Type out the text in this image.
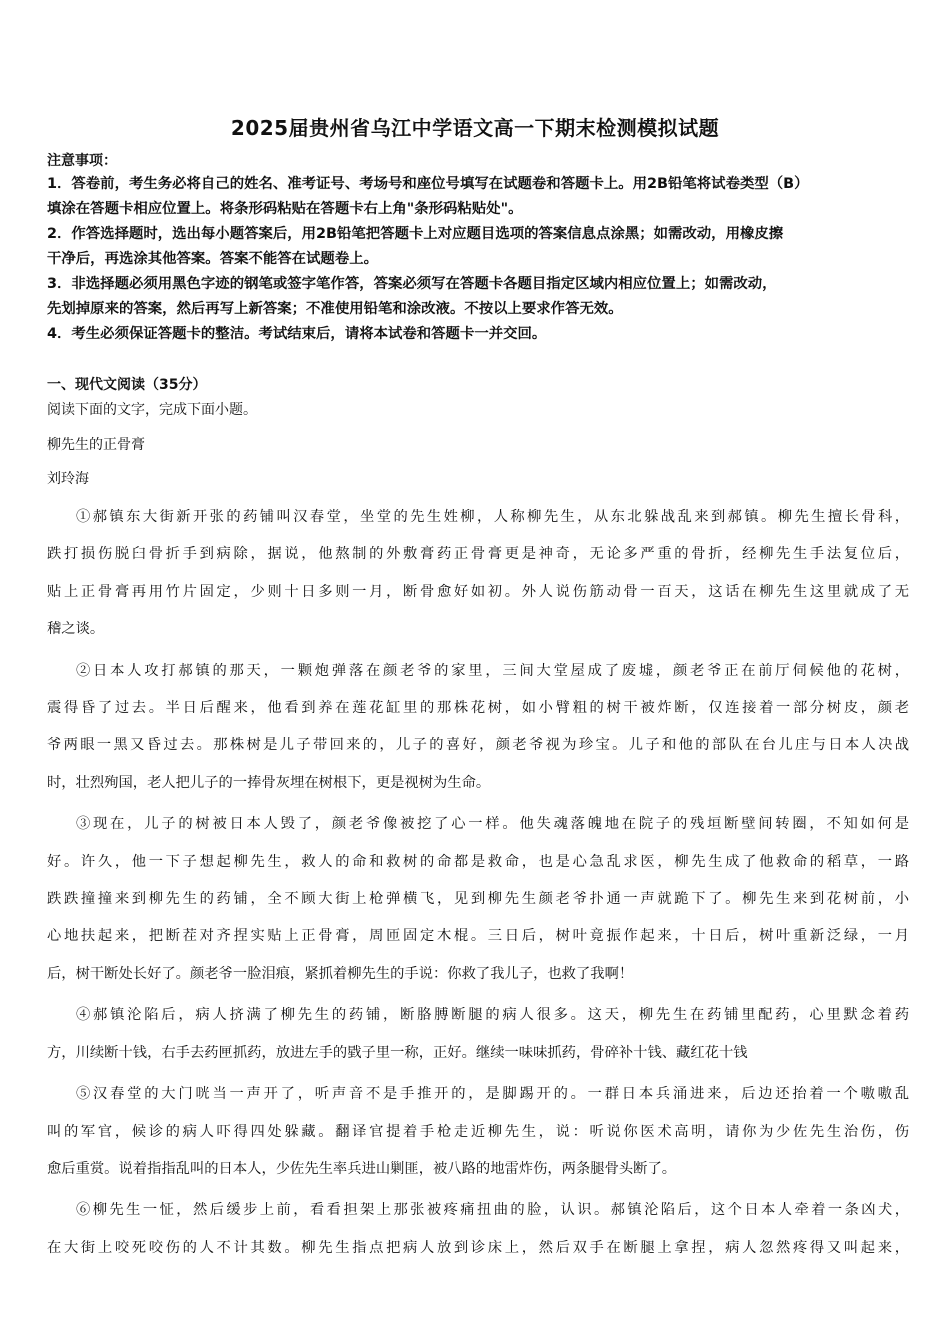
2025届贵州省乌江中学语文高一下期末检测模拟试题
注意事项：
1．答卷前，考生务必将自己的姓名、准考证号、考场号和座位号填写在试题卷和答题卡上。用2B铅笔将试卷类型（B）
填涂在答题卡相应位置上。将条形码粘贴在答题卡右上角"条形码粘贴处"。
2．作答选择题时，选出每小题答案后，用2B铅笔把答题卡上对应题目选项的答案信息点涂黑；如需改动，用橡皮擦
干净后，再选涂其他答案。答案不能答在试题卷上。
3．非选择题必须用黑色字迹的钢笔或签字笔作答，答案必须写在答题卡各题目指定区域内相应位置上；如需改动，
先划掉原来的答案，然后再写上新答案；不准使用铅笔和涂改液。不按以上要求作答无效。
4．考生必须保证答题卡的整洁。考试结束后，请将本试卷和答题卡一并交回。
一、现代文阅读（35分）
阅读下面的文字，完成下面小题。
柳先生的正骨膏
刘玲海
①郝镇东大街新开张的药铺叫汉春堂，坐堂的先生姓柳，人称柳先生，从东北躲战乱来到郝镇。柳先生擅长骨科，
跌打损伤脱臼骨折手到病除，据说，他熬制的外敷膏药正骨膏更是神奇，无论多严重的骨折，经柳先生手法复位后，
贴上正骨膏再用竹片固定，少则十日多则一月，断骨愈好如初。外人说伤筋动骨一百天，这话在柳先生这里就成了无
稽之谈。
②日本人攻打郝镇的那天，一颗炮弹落在颜老爷的家里，三间大堂屋成了废墟，颜老爷正在前厅伺候他的花树，
震得昏了过去。半日后醒来，他看到养在莲花缸里的那株花树，如小臂粗的树干被炸断，仅连接着一部分树皮，颜老
爷两眼一黑又昏过去。那株树是儿子带回来的，儿子的喜好，颜老爷视为珍宝。儿子和他的部队在台儿庄与日本人决战
时，壮烈殉国，老人把儿子的一捧骨灰埋在树根下，更是视树为生命。
③现在，儿子的树被日本人毁了，颜老爷像被挖了心一样。他失魂落魄地在院子的残垣断壁间转圈，不知如何是
好。许久，他一下子想起柳先生，救人的命和救树的命都是救命，也是心急乱求医，柳先生成了他救命的稻草，一路
跌跌撞撞来到柳先生的药铺，全不顾大街上枪弹横飞，见到柳先生颜老爷扑通一声就跪下了。柳先生来到花树前，小
心地扶起来，把断茬对齐捏实贴上正骨膏，周匝固定木棍。三日后，树叶竟振作起来，十日后，树叶重新泛绿，一月
后，树干断处长好了。颜老爷一脸泪痕，紧抓着柳先生的手说：你救了我儿子，也救了我啊！
④郝镇沦陷后，病人挤满了柳先生的药铺，断胳膊断腿的病人很多。这天，柳先生在药铺里配药，心里默念着药
方，川续断十钱，右手去药匣抓药，放进左手的戥子里一称，正好。继续一味味抓药，骨碎补十钱、藏红花十钱
⑤汉春堂的大门咣当一声开了，听声音不是手推开的，是脚踢开的。一群日本兵涌进来，后边还抬着一个嗷嗷乱
叫的军官，候诊的病人吓得四处躲藏。翻译官提着手枪走近柳先生，说：听说你医术高明，请你为少佐先生治伤，伤
愈后重赏。说着指指乱叫的日本人，少佐先生率兵进山剿匪，被八路的地雷炸伤，两条腿骨头断了。
⑥柳先生一怔，然后缓步上前，看看担架上那张被疼痛扭曲的脸，认识。郝镇沦陷后，这个日本人牵着一条凶犬，
在大街上咬死咬伤的人不计其数。柳先生指点把病人放到诊床上，然后双手在断腿上拿捏，病人忽然疼得又叫起来，
